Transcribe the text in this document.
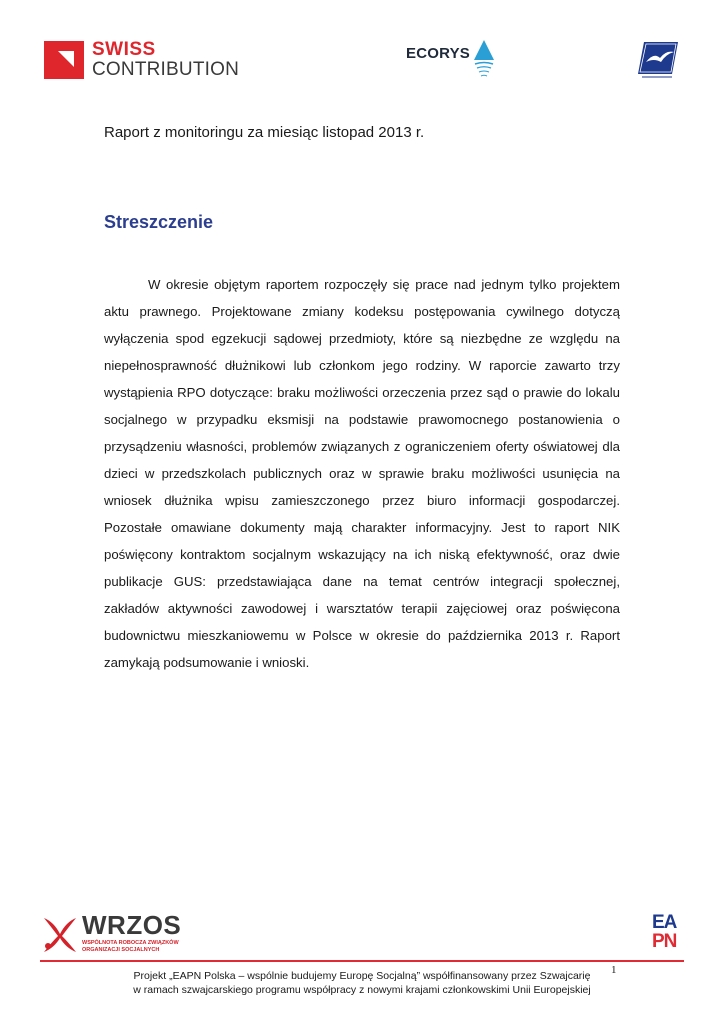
SWISS
CONTRIBUTION
ECORYS
Raport z monitoringu za miesiąc listopad 2013 r.
Streszczenie
W okresie objętym raportem rozpoczęły się prace nad jednym tylko projektem
aktu prawnego. Projektowane zmiany kodeksu postępowania cywilnego dotyczą
wyłączenia spod egzekucji sądowej przedmioty, które są niezbędne ze względu na
niepełnosprawność dłużnikowi lub członkom jego rodziny. W raporcie zawarto trzy
wystąpienia RPO dotyczące: braku możliwości orzeczenia przez sąd o prawie do lokalu
socjalnego w przypadku eksmisji na podstawie prawomocnego postanowienia o
przysądzeniu własności, problemów związanych z ograniczeniem oferty oświatowej dla
dzieci w przedszkolach publicznych oraz w sprawie braku możliwości usunięcia na
wniosek dłużnika wpisu zamieszczonego przez biuro informacji gospodarczej.
Pozostałe omawiane dokumenty mają charakter informacyjny. Jest to raport NIK
poświęcony kontraktom socjalnym wskazujący na ich niską efektywność, oraz dwie
publikacje GUS: przedstawiająca dane na temat centrów integracji społecznej,
zakładów aktywności zawodowej i warsztatów terapii zajęciowej oraz poświęcona
budownictwu mieszkaniowemu w Polsce w okresie do października 2013 r. Raport
zamykają podsumowanie i wnioski.
WRZOS
WSPÓLNOTA ROBOCZA ZWIĄZKÓW ORGANIZACJI SOCJALNYCH
EA
PN
1
Projekt „EAPN Polska – wspólnie budujemy Europę Socjalną” współfinansowany przez Szwajcarię
w ramach szwajcarskiego programu współpracy z nowymi krajami członkowskimi Unii Europejskiej
